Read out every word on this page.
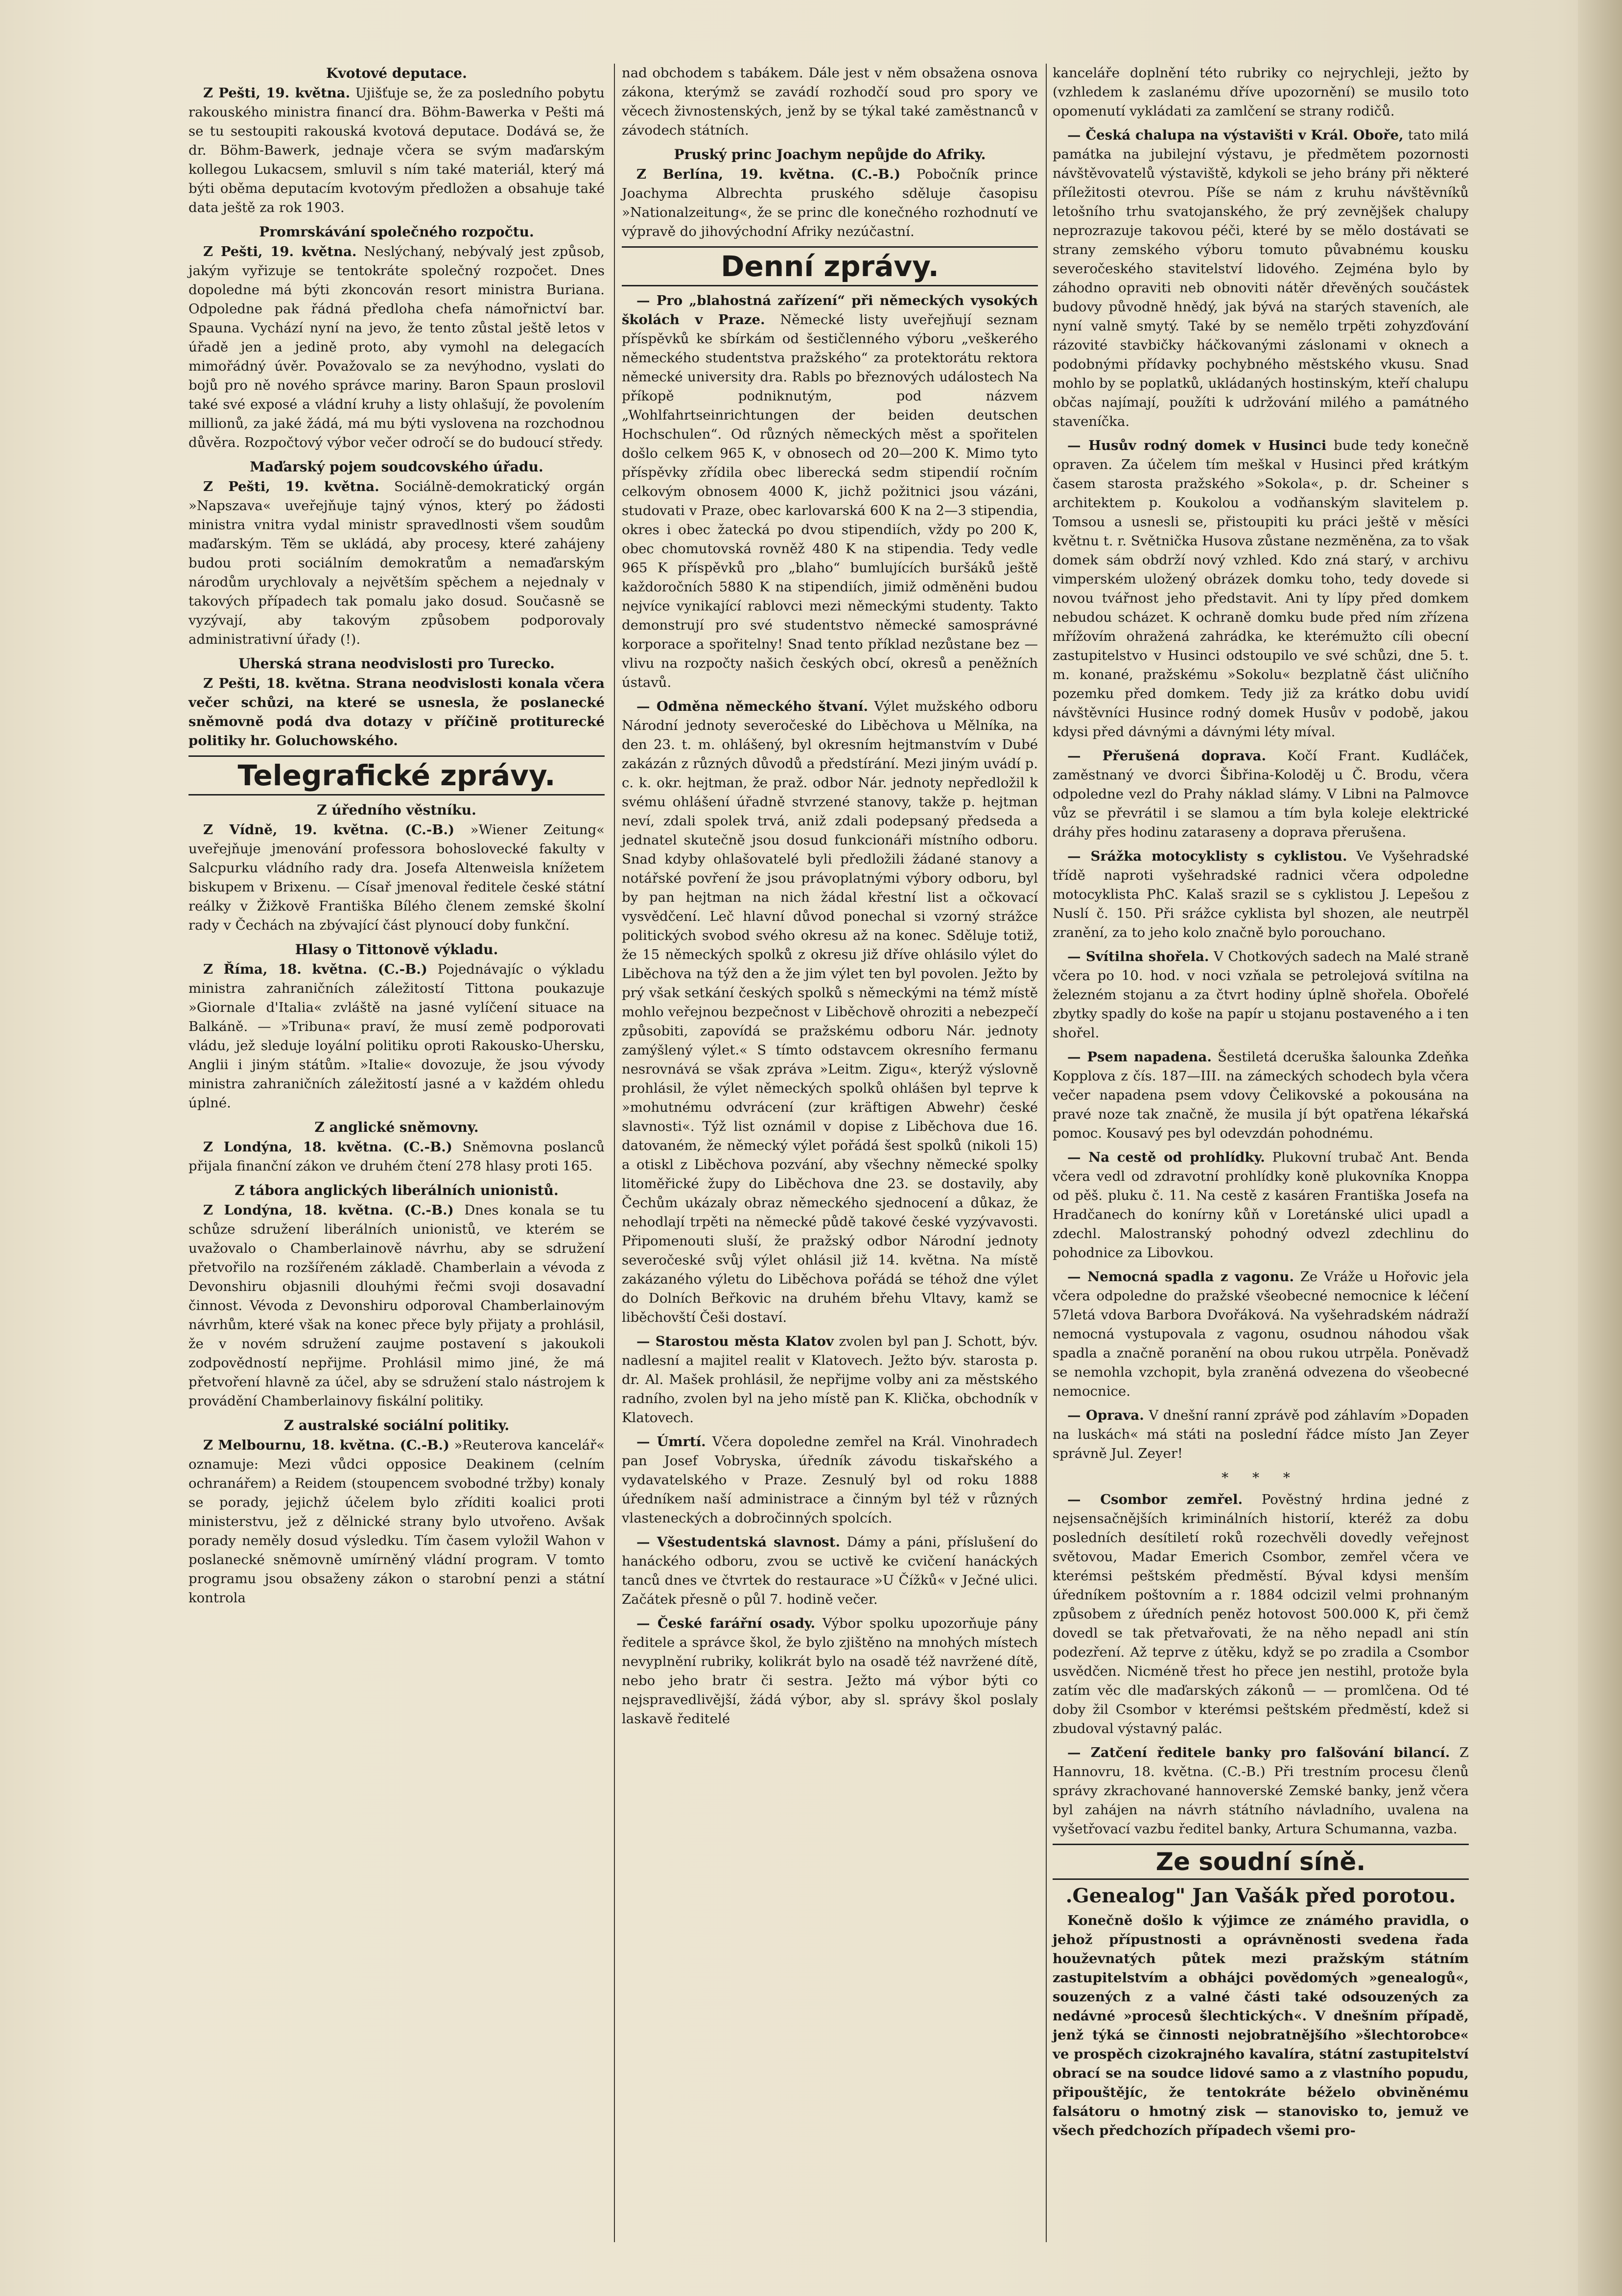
Kvotové deputace.

Z Pešti, 19. května. Ujišťuje se, že za posledního pobytu rakouského ministra financí dra. Böhm-Bawerka v Pešti má se tu sestoupiti rakouská kvotová deputace. Dodává se, že dr. Böhm-Bawerk, jednaje včera se svým maďarským kollegou Lukacsem, smluvil s ním také materiál, který má býti oběma deputacím kvotovým předložen a obsahuje také data ještě za rok 1903.

Promrskávání společného rozpočtu.

Z Pešti, 19. května. Neslýchaný, nebývalý jest způsob, jakým vyřizuje se tentokráte společný rozpočet. Dnes dopoledne má býti zkoncován resort ministra Buriana. Odpoledne pak řádná předloha chefa námořnictví bar. Spauna. Vychází nyní na jevo, že tento zůstal ještě letos v úřadě jen a jedině proto, aby vymohl na delegacích mimořádný úvěr. Považovalo se za nevýhodno, vyslati do bojů pro ně nového správce mariny. Baron Spaun proslovil také své exposé a vládní kruhy a listy ohlašují, že povolením millionů, za jaké žádá, má mu býti vyslovena na rozchodnou důvěra. Rozpočtový výbor večer odročí se do budoucí středy.

Maďarský pojem soudcovského úřadu.

Z Pešti, 19. května. Sociálně-demokratický orgán »Napszava« uveřejňuje tajný výnos, který po žádosti ministra vnitra vydal ministr spravedlnosti všem soudům maďarským. Těm se ukládá, aby procesy, které zahájeny budou proti sociálním demokratům a nemaďarským národům urychlovaly a největším spěchem a nejednaly v takových případech tak pomalu jako dosud. Současně se vyzývají, aby takovým způsobem podporovaly administrativní úřady (!).

Uherská strana neodvislosti pro Turecko.

Z Pešti, 18. května. Strana neodvislosti konala včera večer schůzi, na které se usnesla, že poslanecké sněmovně podá dva dotazy v příčině protiturecké politiky hr. Goluchowského.

Telegrafické zprávy.
Z úředního věstníku.

Z Vídně, 19. května. (C.-B.) »Wiener Zeitung« uveřejňuje jmenování professora bohoslovecké fakulty v Salcpurku vládního rady dra. Josefa Altenweisla knížetem biskupem v Brixenu. — Císař jmenoval ředitele české státní reálky v Žižkově Františka Bílého členem zemské školní rady v Čechách na zbývající část plynoucí doby funkční.

Hlasy o Tittonově výkladu.

Z Říma, 18. května. (C.-B.) Pojednávajíc o výkladu ministra zahraničních záležitostí Tittona poukazuje »Giornale d'Italia« zvláště na jasné vylíčení situace na Balkáně. — »Tribuna« praví, že musí země podporovati vládu, jež sleduje loyální politiku oproti Rakousko-Uhersku, Anglii i jiným státům. »Italie« dovozuje, že jsou vývody ministra zahraničních záležitostí jasné a v každém ohledu úplné.

Z anglické sněmovny.

Z Londýna, 18. května. (C.-B.) Sněmovna poslanců přijala finanční zákon ve druhém čtení 278 hlasy proti 165.

Z tábora anglických liberálních unionistů.

Z Londýna, 18. května. (C.-B.) Dnes konala se tu schůze sdružení liberálních unionistů, ve kterém se uvažovalo o Chamberlainově návrhu, aby se sdružení přetvořilo na rozšířeném základě. Chamberlain a vévoda z Devonshiru objasnili dlouhými řečmi svoji dosavadní činnost. Vévoda z Devonshiru odporoval Chamberlainovým návrhům, které však na konec přece byly přijaty a prohlásil, že v novém sdružení zaujme postavení s jakoukoli zodpovědností nepřijme. Prohlásil mimo jiné, že má přetvoření hlavně za účel, aby se sdružení stalo nástrojem k provádění Chamberlainovy fiskální politiky.

Z australské sociální politiky.

Z Melbournu, 18. května. (C.-B.) »Reuterova kancelář« oznamuje: Mezi vůdci opposice Deakinem (celním ochranářem) a Reidem (stoupencem svobodné tržby) konaly se porady, jejichž účelem bylo zříditi koalici proti ministerstvu, jež z dělnické strany bylo utvořeno. Avšak porady neměly dosud výsledku. Tím časem vyložil Wahon v poslanecké sněmovně umírněný vládní program. V tomto programu jsou obsaženy zákon o starobní penzi a státní kontrola

nad obchodem s tabákem. Dále jest v něm obsažena osnova zákona, kterýmž se zavádí rozhodčí soud pro spory ve věcech živnostenských, jenž by se týkal také zaměstnanců v závodech státních.

Pruský princ Joachym nepůjde do Afriky.

Z Berlína, 19. května. (C.-B.) Pobočník prince Joachyma Albrechta pruského sděluje časopisu »Nationalzeitung«, že se princ dle konečného rozhodnutí ve výpravě do jihovýchodní Afriky nezúčastní.

Denní zprávy.

— Pro „blahostná zařízení“ při německých vysokých školách v Praze. Německé listy uveřejňují seznam příspěvků ke sbírkám od šestičlenného výboru „veškerého německého studentstva pražského“ za protektorátu rektora německé university dra. Rabls po březnových událostech Na příkopě podniknutým, pod názvem „Wohlfahrtseinrichtungen der beiden deutschen Hochschulen“. Od různých německých měst a spořitelen došlo celkem 965 K, v obnosech od 20—200 K. Mimo tyto příspěvky zřídila obec liberecká sedm stipendií ročním celkovým obnosem 4000 K, jichž požitnici jsou vázáni, studovati v Praze, obec karlovarská 600 K na 2—3 stipendia, okres i obec žatecká po dvou stipendiích, vždy po 200 K, obec chomutovská rovněž 480 K na stipendia. Tedy vedle 965 K příspěvků pro „blaho“ bumlujících buršáků ještě každoročních 5880 K na stipendiích, jimiž odměněni budou nejvíce vynikající rablovci mezi německými studenty. Takto demonstrují pro své studentstvo německé samosprávné korporace a spořitelny! Snad tento příklad nezůstane bez — vlivu na rozpočty našich českých obcí, okresů a peněžních ústavů.

— Odměna německého štvaní. Výlet mužského odboru Národní jednoty severočeské do Liběchova u Mělníka, na den 23. t. m. ohlášený, byl okresním hejtmanstvím v Dubé zakázán z různých důvodů a předstírání. Mezi jiným uvádí p. c. k. okr. hejtman, že praž. odbor Nár. jednoty nepředložil k svému ohlášení úřadně stvrzené stanovy, takže p. hejtman neví, zdali spolek trvá, aniž zdali podepsaný předseda a jednatel skutečně jsou dosud funkcionáři místního odboru. Snad kdyby ohlašovatelé byli předložili žádané stanovy a notářské povření že jsou právoplatnými výbory odboru, byl by pan hejtman na nich žádal křestní list a očkovací vysvědčení. Leč hlavní důvod ponechal si vzorný strážce politických svobod svého okresu až na konec. Sděluje totiž, že 15 německých spolků z okresu již dříve ohlásilo výlet do Liběchova na týž den a že jim výlet ten byl povolen. Ježto by prý však setkání českých spolků s německými na témž místě mohlo veřejnou bezpečnost v Liběchově ohroziti a nebezpečí způsobiti, zapovídá se pražskému odboru Nár. jednoty zamýšlený výlet.« S tímto odstavcem okresního fermanu nesrovnává se však zpráva »Leitm. Zigu«, kterýž výslovně prohlásil, že výlet německých spolků ohlášen byl teprve k »mohutnému odvrácení (zur kräftigen Abwehr) české slavnosti«. Týž list oznámil v dopise z Liběchova due 16. datovaném, že německý výlet pořádá šest spolků (nikoli 15) a otiskl z Liběchova pozvání, aby všechny německé spolky litoměřické župy do Liběchova dne 23. se dostavily, aby Čechům ukázaly obraz německého sjednocení a důkaz, že nehodlají trpěti na německé půdě takové české vyzývavosti. Připomenouti sluší, že pražský odbor Národní jednoty severočeské svůj výlet ohlásil již 14. května. Na místě zakázaného výletu do Liběchova pořádá se téhož dne výlet do Dolních Beřkovic na druhém břehu Vltavy, kamž se liběchovští Češi dostaví.

— Starostou města Klatov zvolen byl pan J. Schott, býv. nadlesní a majitel realit v Klatovech. Ježto býv. starosta p. dr. Al. Mašek prohlásil, že nepřijme volby ani za městského radního, zvolen byl na jeho místě pan K. Klička, obchodník v Klatovech.

— Úmrtí. Včera dopoledne zemřel na Král. Vinohradech pan Josef Vobryska, úředník závodu tiskařského a vydavatelského v Praze. Zesnulý byl od roku 1888 úředníkem naší administrace a činným byl též v různých vlasteneckých a dobročinných spolcích.

— Všestudentská slavnost. Dámy a páni, příslušení do hanáckého odboru, zvou se uctivě ke cvičení hanáckých tanců dnes ve čtvrtek do restaurace »U Čížků« v Ječné ulici. Začátek přesně o půl 7. hodině večer.

— České farářní osady. Výbor spolku upozorňuje pány ředitele a správce škol, že bylo zjištěno na mnohých místech nevyplnění rubriky, kolikrát bylo na osadě též navržené dítě, nebo jeho bratr či sestra. Ježto má výbor býti co nejspravedlivější, žádá výbor, aby sl. správy škol poslaly laskavě ředitelé

kanceláře doplnění této rubriky co nejrychleji, ježto by (vzhledem k zaslanému dříve upozornění) se musilo toto opomenutí vykládati za zamlčení se strany rodičů.

— Česká chalupa na výstavišti v Král. Oboře, tato milá památka na jubilejní výstavu, je předmětem pozornosti návštěvovatelů výstaviště, kdykoli se jeho brány při některé příležitosti otevrou. Píše se nám z kruhu návštěvníků letošního trhu svatojanského, že prý zevnějšek chalupy neprozrazuje takovou péči, které by se mělo dostávati se strany zemského výboru tomuto půvabnému kousku severočeského stavitelství lidového. Zejména bylo by záhodno opraviti neb obnoviti nátěr dřevěných součástek budovy původně hnědý, jak bývá na starých staveních, ale nyní valně smytý. Také by se nemělo trpěti zohyzďování rázovité stavbičky háčkovanými záslonami v oknech a podobnými přídavky pochybného městského vkusu. Snad mohlo by se poplatků, ukládaných hostinským, kteří chalupu občas najímají, použíti k udržování milého a památného staveníčka.

— Husův rodný domek v Husinci bude tedy konečně opraven. Za účelem tím meškal v Husinci před krátkým časem starosta pražského »Sokola«, p. dr. Scheiner s architektem p. Koukolou a vodňanským slavitelem p. Tomsou a usnesli se, přistoupiti ku práci ještě v měsíci květnu t. r. Světnička Husova zůstane nezměněna, za to však domek sám obdrží nový vzhled. Kdo zná starý, v archivu vimperském uložený obrázek domku toho, tedy dovede si novou tvářnost jeho představit. Ani ty lípy před domkem nebudou scházet. K ochraně domku bude před ním zřízena mřížovím ohražená zahrádka, ke kterémužto cíli obecní zastupitelstvo v Husinci odstoupilo ve své schůzi, dne 5. t. m. konané, pražskému »Sokolu« bezplatně část uličního pozemku před domkem. Tedy již za krátko dobu uvidí návštěvníci Husince rodný domek Husův v podobě, jakou kdysi před dávnými a dávnými léty míval.

— Přerušená doprava. Kočí Frant. Kudláček, zaměstnaný ve dvorci Šibřina-Koloděj u Č. Brodu, včera odpoledne vezl do Prahy náklad slámy. V Libni na Palmovce vůz se převrátil i se slamou a tím byla koleje elektrické dráhy přes hodinu zataraseny a doprava přerušena.

— Srážka motocyklisty s cyklistou. Ve Vyšehradské třídě naproti vyšehradské radnici včera odpoledne motocyklista PhC. Kalaš srazil se s cyklistou J. Lepešou z Nuslí č. 150. Při srážce cyklista byl shozen, ale neutrpěl zranění, za to jeho kolo značně bylo porouchano.

— Svítilna shořela. V Chotkových sadech na Malé straně včera po 10. hod. v noci vzňala se petrolejová svítilna na železném stojanu a za čtvrt hodiny úplně shořela. Obořelé zbytky spadly do koše na papír u stojanu postaveného a i ten shořel.

— Psem napadena. Šestiletá dceruška šalounka Zdeňka Kopplova z čís. 187—III. na zámeckých schodech byla včera večer napadena psem vdovy Čelikovské a pokousána na pravé noze tak značně, že musila jí být opatřena lékařská pomoc. Kousavý pes byl odevzdán pohodnému.

— Na cestě od prohlídky. Plukovní trubač Ant. Benda včera vedl od zdravotní prohlídky koně plukovníka Knoppa od pěš. pluku č. 11. Na cestě z kasáren Františka Josefa na Hradčanech do konírny kůň v Loretánské ulici upadl a zdechl. Malostranský pohodný odvezl zdechlinu do pohodnice za Libovkou.

— Nemocná spadla z vagonu. Ze Vráže u Hořovic jela včera odpoledne do pražské všeobecné nemocnice k léčení 57letá vdova Barbora Dvořáková. Na vyšehradském nádraží nemocná vystupovala z vagonu, osudnou náhodou však spadla a značně poranění na obou rukou utrpěla. Poněvadž se nemohla vzchopit, byla zraněná odvezena do všeobecné nemocnice.

— Oprava. V dnešní ranní zprávě pod záhlavím »Dopaden na luskách« má státi na poslední řádce místo Jan Zeyer správně Jul. Zeyer!

* * *

— Csombor zemřel. Pověstný hrdina jedné z nejsensačnějších kriminálních historií, kteréž za dobu posledních desítiletí roků rozechvěli dovedly veřejnost světovou, Madar Emerich Csombor, zemřel včera ve kterémsi peštském předměstí. Býval kdysi menším úředníkem poštovním a r. 1884 odcizil velmi prohnaným způsobem z úředních peněz hotovost 500.000 K, při čemž dovedl se tak přetvařovati, že na něho nepadl ani stín podezření. Až teprve z útěku, když se po zradila a Csombor usvědčen. Nicméně třest ho přece jen nestihl, protože byla zatím věc dle maďarských zákonů — — promlčena. Od té doby žil Csombor v kterémsi peštském předměstí, kdež si zbudoval výstavný palác.

— Zatčení ředitele banky pro falšování bilancí. Z Hannovru, 18. května. (C.-B.) Při trestním procesu členů správy zkrachované hannoverské Zemské banky, jenž včera byl zahájen na návrh státního návladního, uvalena na vyšetřovací vazbu ředitel banky, Artura Schumanna, vazba.

Ze soudní síně.
.Genealog" Jan Vašák před porotou.

Konečně došlo k výjimce ze známého pravidla, o jehož přípustnosti a oprávněnosti svedena řada houževnatých půtek mezi pražským státním zastupitelstvím a obhájci povědomých »genealogů«, souzených z a valné části také odsouzených za nedávné »procesů šlechtických«. V dnešním případě, jenž týká se činnosti nejobratnějšího »šlechtorobce« ve prospěch cizokrajného kavalíra, státní zastupitelství obrací se na soudce lidové samo a z vlastního popudu, připouštějíc, že tentokráte béželo obviněnému falsátoru o hmotný zisk — stanovisko to, jemuž ve všech předchozích případech všemi pro-
